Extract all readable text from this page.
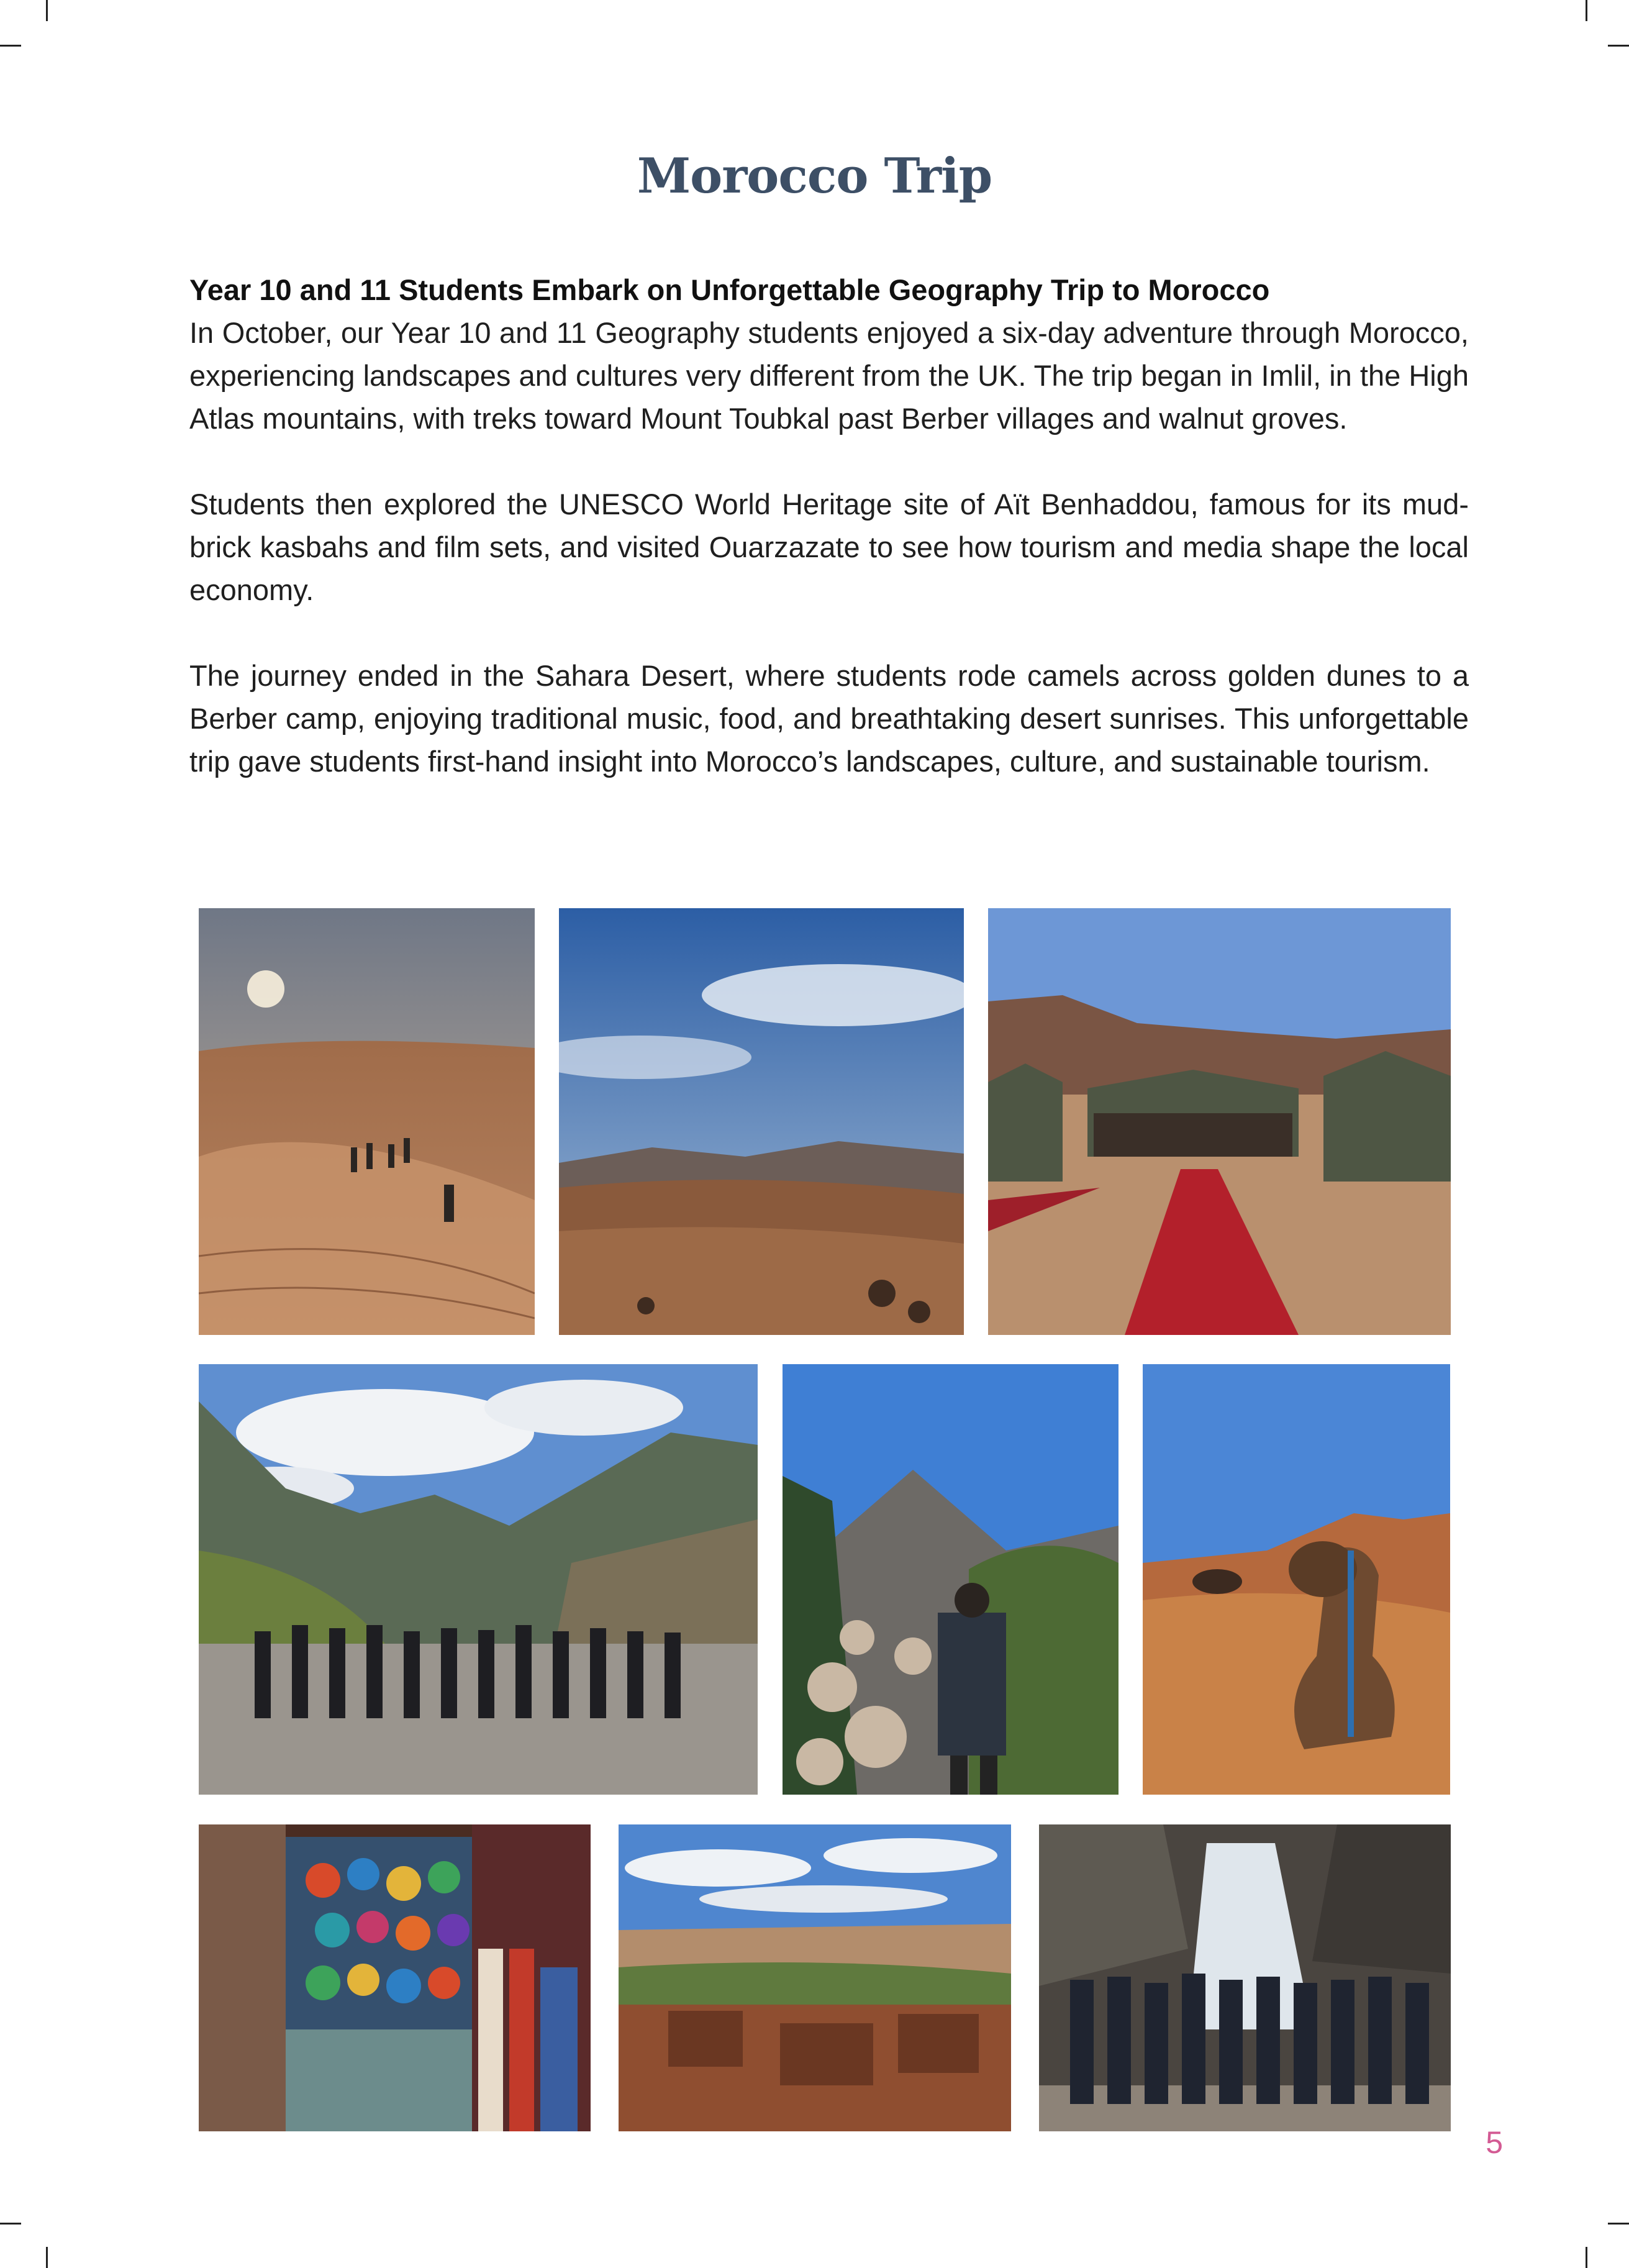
Morocco Trip

Year 10 and 11 Students Embark on Unforgettable Geography Trip to Morocco

In October, our Year 10 and 11 Geography students enjoyed a six-day adventure through Morocco, experiencing landscapes and cultures very different from the UK. The trip began in Imlil, in the High Atlas mountains, with treks toward Mount Toubkal past Berber villages and walnut groves.

Students then explored the UNESCO World Heritage site of Aït Benhaddou, famous for its mud-brick kasbahs and film sets, and visited Ouarzazate to see how tourism and media shape the local economy.

The journey ended in the Sahara Desert, where students rode camels across golden dunes to a Berber camp, enjoying traditional music, food, and breathtaking desert sunrises. This unforgettable trip gave students first-hand insight into Morocco’s landscapes, culture, and sustainable tourism.

5
